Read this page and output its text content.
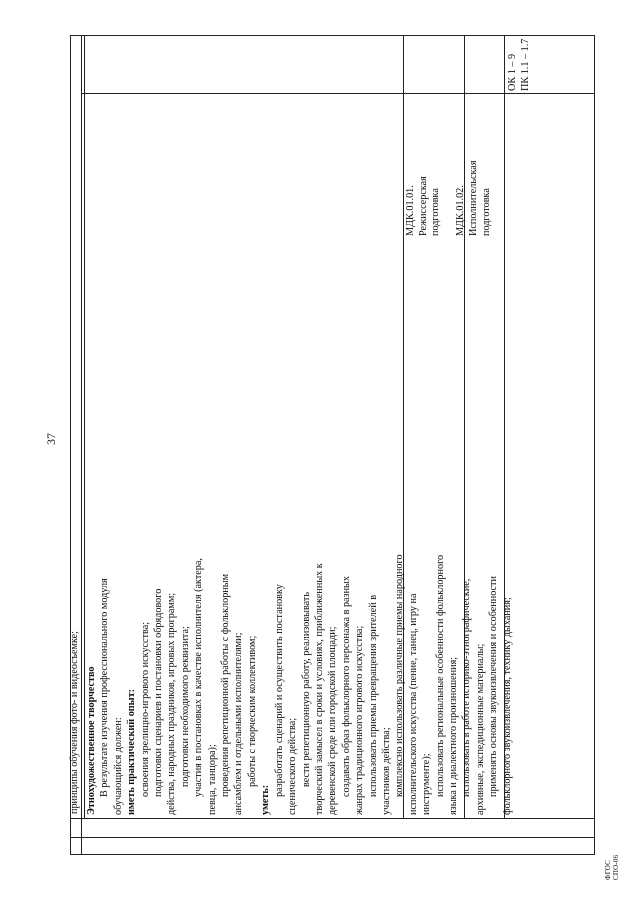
37
принципы обучения фото- и видеосъемке; Этнохудожественное творчество В результате изучения профессионального модуля обучающийся должен: иметь практический опыт: освоения зрелищно-игрового искусства; подготовки сценариев и постановки обрядового действа, народных праздников, игровых программ; подготовки необходимого реквизита; участия в постановках в качестве исполнителя (актера, певца, танцора); проведения репетиционной работы с фольклорным ансамблем и отдельными исполнителями; работы с творческим коллективом;
уметь:
разработать сценарий и осуществить постановку сценического действа; вести репетиционную работу, реализовывать творческий замысел в сроки и условиях, приближенных к деревенской среде или городской площади; создавать образ фольклорного персонажа в разных жанрах традиционного игрового искусства; использовать приемы превращения зрителей в участников действа; комплексно использовать различные приемы народного исполнительского искусства (пение, танец, игру на инструменте); использовать региональные особенности фольклорного языка и диалектного произношения; использовать в работе историко-этнографические, архивные, экспедиционные материалы; применять основы звукоизвлечения и особенности фольклорного звукоизвлечения, технику дыхания;
МДК.01.01. Режиссерская подготовка
МДК.01.02. Исполнительская подготовка
ОК 1 – 9 ПК 1.1 – 1.7
ФГОС СПО-06
